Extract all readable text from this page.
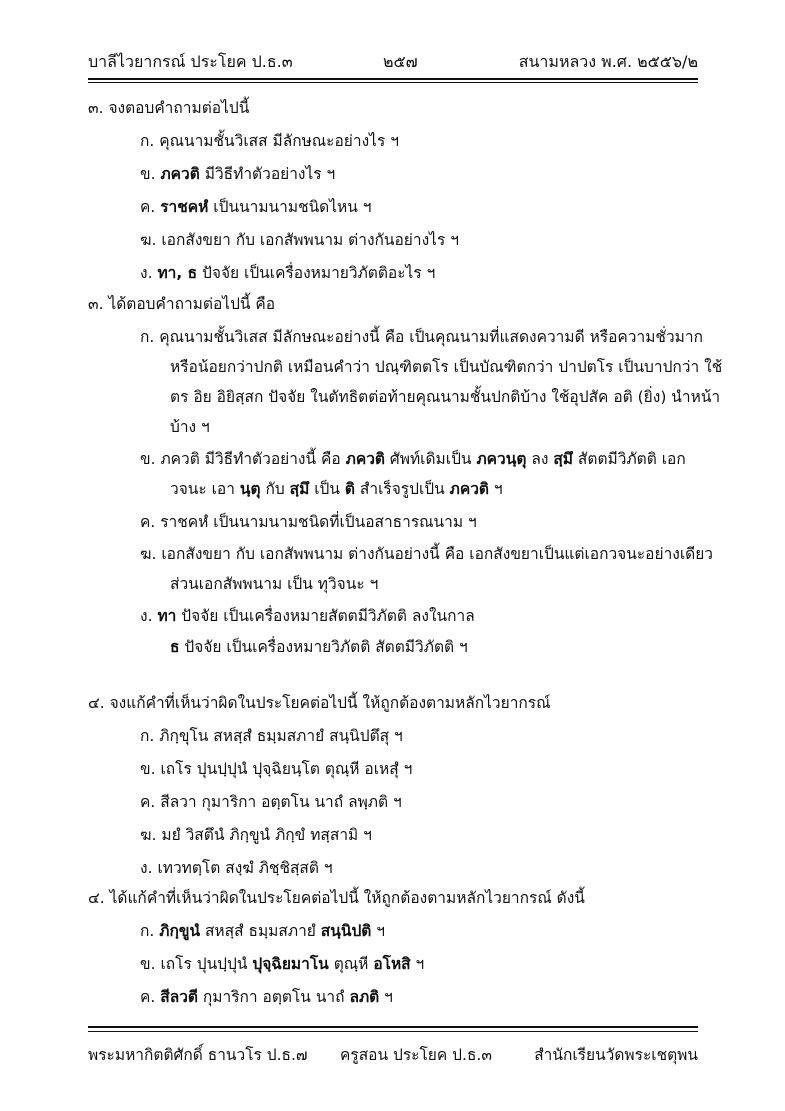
บาลีไวยากรณ์ ประโยค ป.ธ.๓	๒๕๗	สนามหลวง พ.ศ. ๒๕๕๖/๒
๓. จงตอบคำถามต่อไปนี้
ก. คุณนามชั้นวิเสส มีลักษณะอย่างไร ฯ
ข. ภควติ มีวิธีทำตัวอย่างไร ฯ
ค. ราชคหํ เป็นนามนามชนิดไหน ฯ
ฆ. เอกสังขยา กับ เอกสัพพนาม ต่างกันอย่างไร ฯ
ง. ทา, ธ ปัจจัย เป็นเครื่องหมายวิภัตติอะไร ฯ
๓. ได้ตอบคำถามต่อไปนี้ คือ
ก. คุณนามชั้นวิเสส มีลักษณะอย่างนี้ คือ เป็นคุณนามที่แสดงความดี หรือความชั่วมาก
หรือน้อยกว่าปกติ เหมือนคำว่า ปณฺฑิตตโร เป็นบัณฑิตกว่า ปาปตโร เป็นบาปกว่า ใช้
ตร อิย อิยิสฺสก ปัจจัย ในตัทธิตต่อท้ายคุณนามชั้นปกติบ้าง ใช้อุปสัค อติ (ยิ่ง) นำหน้า
บ้าง ฯ
ข. ภควติ มีวิธีทำตัวอย่างนี้ คือ ภควติ ศัพท์เดิมเป็น ภควนฺตุ ลง สฺมึ สัตตมีวิภัตติ เอก
วจนะ เอา นฺตุ กับ สฺมึ เป็น ติ สำเร็จรูปเป็น ภควติ ฯ
ค. ราชคหํ เป็นนามนามชนิดที่เป็นอสาธารณนาม ฯ
ฆ. เอกสังขยา กับ เอกสัพพนาม ต่างกันอย่างนี้ คือ เอกสังขยาเป็นแต่เอกวจนะอย่างเดียว
ส่วนเอกสัพพนาม เป็น ทุวิจนะ ฯ
ง. ทา ปัจจัย เป็นเครื่องหมายสัตตมีวิภัตติ ลงในกาล
ธ ปัจจัย เป็นเครื่องหมายวิภัตติ สัตตมีวิภัตติ ฯ
๔. จงแก้คำที่เห็นว่าผิดในประโยคต่อไปนี้ ให้ถูกต้องตามหลักไวยากรณ์
ก. ภิกฺขุโน สหสฺสํ ธมฺมสภายํ สนฺนิปตึสุ ฯ
ข. เถโร ปุนปฺปุนํ ปุจฺฉิยนฺโต ตุณฺหี อเหสุํ ฯ
ค. สีลวา กุมาริกา อตฺตโน นาถํ ลพฺภติ ฯ
ฆ. มยํ วิสตึนํ ภิกฺขูนํ ภิกฺขํ ทสฺสามิ ฯ
ง. เทวทตฺโต สงฺฆํ ภิชฺชิสฺสติ ฯ
๔. ได้แก้คำที่เห็นว่าผิดในประโยคต่อไปนี้ ให้ถูกต้องตามหลักไวยากรณ์ ดังนี้
ก. ภิกฺขูนํ สหสฺสํ ธมฺมสภายํ สนฺนิปติ ฯ
ข. เถโร ปุนปฺปุนํ ปุจฺฉิยมาโน ตุณฺหี อโหสิ ฯ
ค. สีลวตี กุมาริกา อตฺตโน นาถํ ลภติ ฯ
พระมหากิตติศักดิ์ ธานวโร ป.ธ.๗ ครูสอน ประโยค ป.ธ.๓	สำนักเรียนวัดพระเชตุพน
